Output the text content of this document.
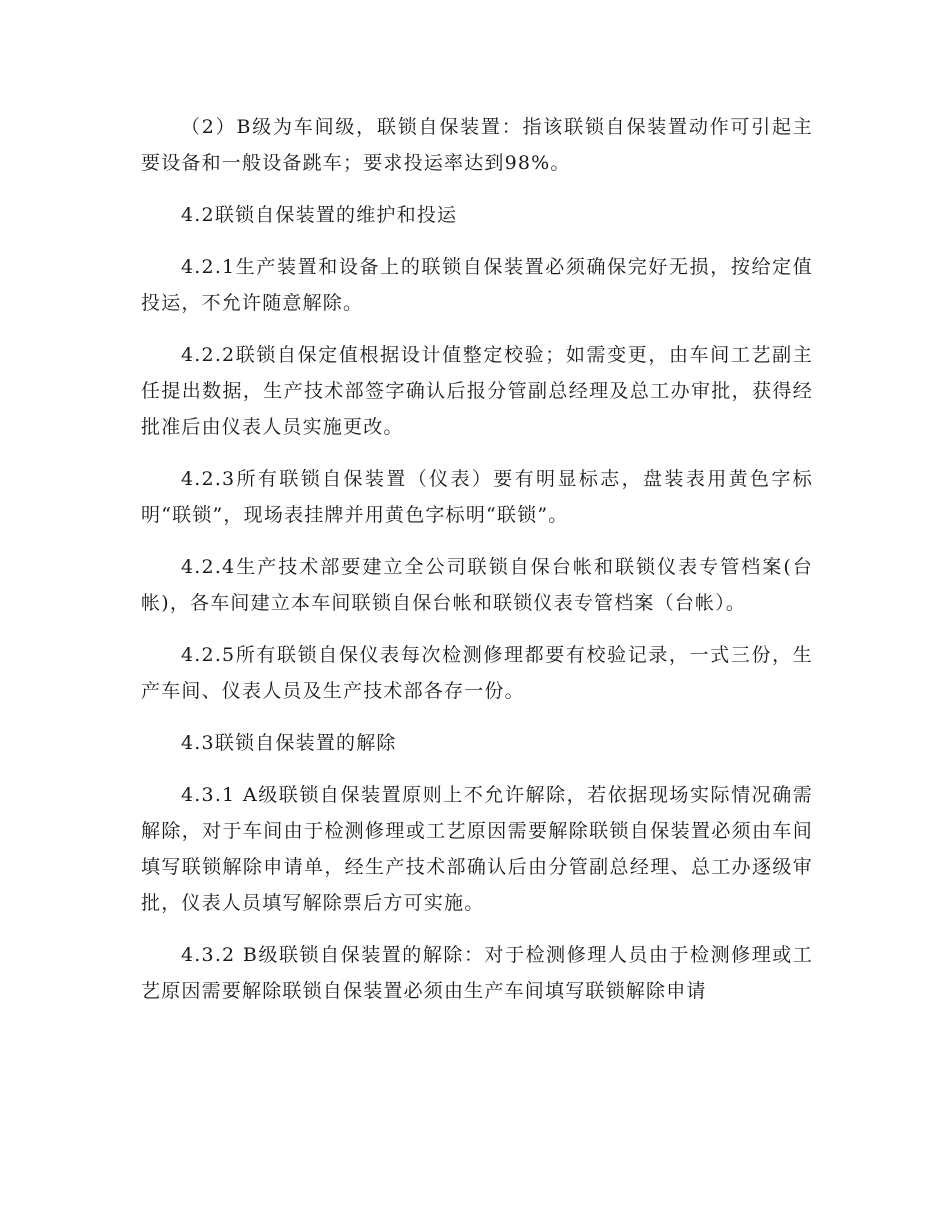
（2）B级为车间级，联锁自保装置：指该联锁自保装置动作可引起主要设备和一般设备跳车；要求投运率达到98%。

4.2联锁自保装置的维护和投运

4.2.1生产装置和设备上的联锁自保装置必须确保完好无损，按给定值投运，不允许随意解除。

4.2.2联锁自保定值根据设计值整定校验；如需变更，由车间工艺副主任提出数据，生产技术部签字确认后报分管副总经理及总工办审批，获得经批准后由仪表人员实施更改。

4.2.3所有联锁自保装置（仪表）要有明显标志，盘装表用黄色字标明“联锁”，现场表挂牌并用黄色字标明“联锁”。

4.2.4生产技术部要建立全公司联锁自保台帐和联锁仪表专管档案(台帐)，各车间建立本车间联锁自保台帐和联锁仪表专管档案（台帐）。

4.2.5所有联锁自保仪表每次检测修理都要有校验记录，一式三份，生产车间、仪表人员及生产技术部各存一份。

4.3联锁自保装置的解除

4.3.1 A级联锁自保装置原则上不允许解除，若依据现场实际情况确需解除，对于车间由于检测修理或工艺原因需要解除联锁自保装置必须由车间填写联锁解除申请单，经生产技术部确认后由分管副总经理、总工办逐级审批，仪表人员填写解除票后方可实施。

4.3.2 B级联锁自保装置的解除：对于检测修理人员由于检测修理或工艺原因需要解除联锁自保装置必须由生产车间填写联锁解除申请
